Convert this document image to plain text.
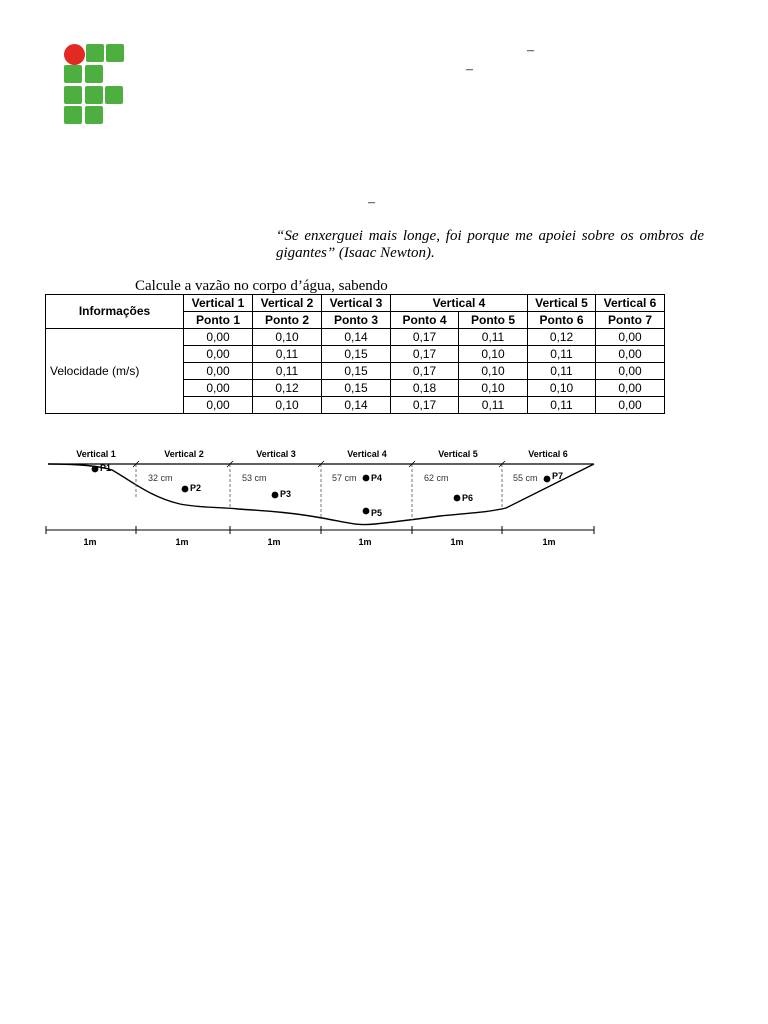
–
–
–
“Se enxerguei mais longe, foi porque me apoiei sobre os ombros de gigantes” (Isaac Newton).
Calcule a vazão no corpo d’água, sabendo
Informações	Vertical 1	Vertical 2	Vertical 3	Vertical 4		Vertical 5	Vertical 6
	Ponto 1	Ponto 2	Ponto 3	Ponto 4	Ponto 5	Ponto 6	Ponto 7
Velocidade (m/s)	0,00	0,10	0,14	0,17	0,11	0,12	0,00
	0,00	0,11	0,15	0,17	0,10	0,11	0,00
	0,00	0,11	0,15	0,17	0,10	0,11	0,00
	0,00	0,12	0,15	0,18	0,10	0,10	0,00
	0,00	0,10	0,14	0,17	0,11	0,11	0,00
Vertical 1	Vertical 2	Vertical 3	Vertical 4	Vertical 5	Vertical 6
32 cm	53 cm	57 cm	62 cm	55 cm
P1
P2
P3
P4
P5
P6
P7
1m	1m	1m	1m	1m	1m
